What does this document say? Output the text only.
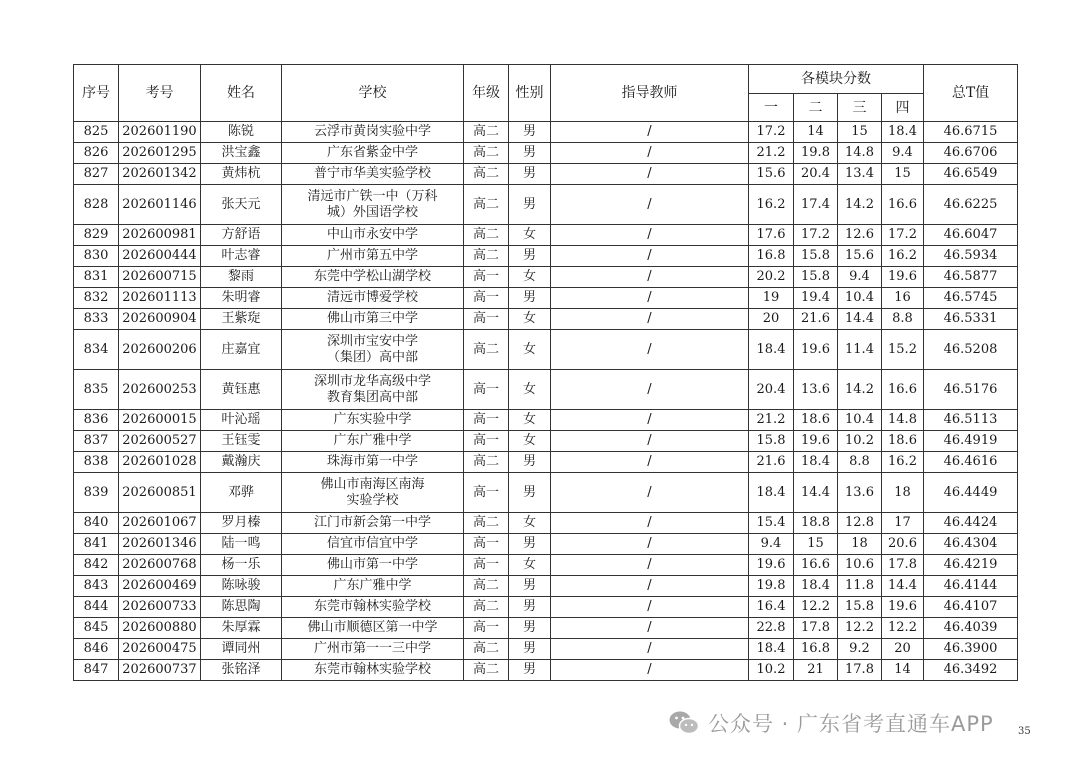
序号	考号	姓名	学校	年级	性别	指导教师	各模块分数				总T值
							一	二	三	四	
825	202601190	陈锐	云浮市黄岗实验中学	高二	男	/	17.2	14	15	18.4	46.6715
826	202601295	洪宝鑫	广东省紫金中学	高二	男	/	21.2	19.8	14.8	9.4	46.6706
827	202601342	黄炜杭	普宁市华美实验学校	高二	男	/	15.6	20.4	13.4	15	46.6549
828	202601146	张天元	清远市广铁一中（万科
城）外国语学校	高二	男	/	16.2	17.4	14.2	16.6	46.6225
829	202600981	方舒语	中山市永安中学	高二	女	/	17.6	17.2	12.6	17.2	46.6047
830	202600444	叶志睿	广州市第五中学	高二	男	/	16.8	15.8	15.6	16.2	46.5934
831	202600715	黎雨	东莞中学松山湖学校	高一	女	/	20.2	15.8	9.4	19.6	46.5877
832	202601113	朱明睿	清远市博爱学校	高一	男	/	19	19.4	10.4	16	46.5745
833	202600904	王紫琁	佛山市第三中学	高一	女	/	20	21.6	14.4	8.8	46.5331
834	202600206	庄嘉宜	深圳市宝安中学
（集团）高中部	高二	女	/	18.4	19.6	11.4	15.2	46.5208
835	202600253	黄钰惠	深圳市龙华高级中学
教育集团高中部	高一	女	/	20.4	13.6	14.2	16.6	46.5176
836	202600015	叶沁瑶	广东实验中学	高一	女	/	21.2	18.6	10.4	14.8	46.5113
837	202600527	王钰雯	广东广雅中学	高一	女	/	15.8	19.6	10.2	18.6	46.4919
838	202601028	戴瀚庆	珠海市第一中学	高二	男	/	21.6	18.4	8.8	16.2	46.4616
839	202600851	邓骅	佛山市南海区南海
实验学校	高一	男	/	18.4	14.4	13.6	18	46.4449
840	202601067	罗月榛	江门市新会第一中学	高二	女	/	15.4	18.8	12.8	17	46.4424
841	202601346	陆一鸣	信宜市信宜中学	高一	男	/	9.4	15	18	20.6	46.4304
842	202600768	杨一乐	佛山市第一中学	高一	女	/	19.6	16.6	10.6	17.8	46.4219
843	202600469	陈咏骏	广东广雅中学	高二	男	/	19.8	18.4	11.8	14.4	46.4144
844	202600733	陈思陶	东莞市翰林实验学校	高二	男	/	16.4	12.2	15.8	19.6	46.4107
845	202600880	朱厚霖	佛山市顺德区第一中学	高一	男	/	22.8	17.8	12.2	12.2	46.4039
846	202600475	谭同州	广州市第一一三中学	高二	男	/	18.4	16.8	9.2	20	46.3900
847	202600737	张铭泽	东莞市翰林实验学校	高二	男	/	10.2	21	17.8	14	46.3492
公众号 · 广东省考直通车APP 35
